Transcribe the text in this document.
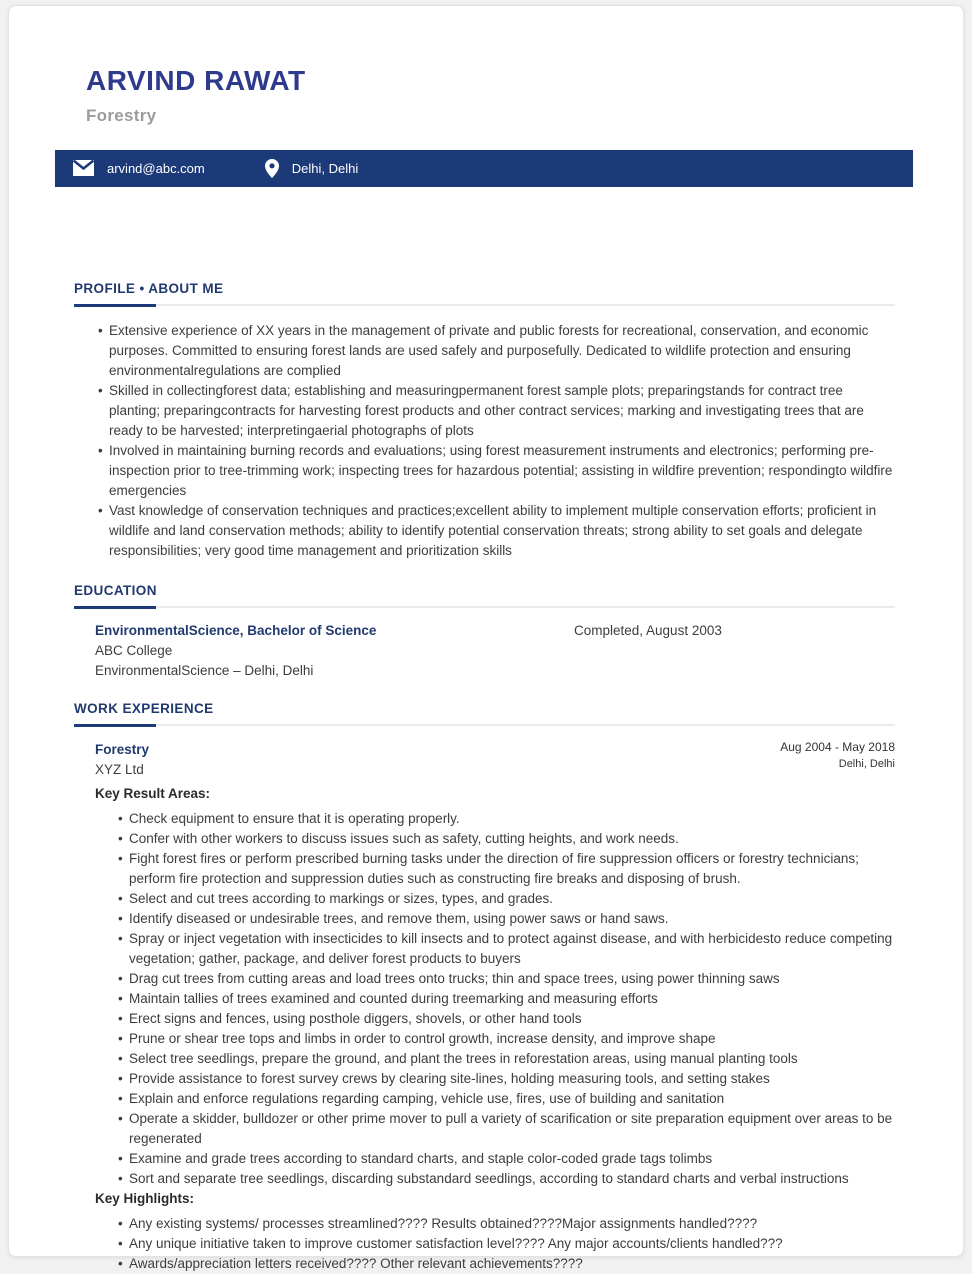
ARVIND RAWAT
Forestry
arvind@abc.com	Delhi, Delhi
PROFILE • ABOUT ME
• Extensive experience of XX years in the management of private and public forests for recreational, conservation, and economic purposes. Committed to ensuring forest lands are used safely and purposefully. Dedicated to wildlife protection and ensuring environmentalregulations are complied
• Skilled in collectingforest data; establishing and measuringpermanent forest sample plots; preparingstands for contract tree planting; preparingcontracts for harvesting forest products and other contract services; marking and investigating trees that are ready to be harvested; interpretingaerial photographs of plots
• Involved in maintaining burning records and evaluations; using forest measurement instruments and electronics; performing pre-inspection prior to tree-trimming work; inspecting trees for hazardous potential; assisting in wildfire prevention; respondingto wildfire emergencies
• Vast knowledge of conservation techniques and practices;excellent ability to implement multiple conservation efforts; proficient in wildlife and land conservation methods; ability to identify potential conservation threats; strong ability to set goals and delegate responsibilities; very good time management and prioritization skills
EDUCATION
EnvironmentalScience, Bachelor of Science
ABC College
EnvironmentalScience – Delhi, Delhi
Completed, August 2003
WORK EXPERIENCE
Forestry
XYZ Ltd
Aug 2004 - May 2018
Delhi, Delhi
Key Result Areas:
• Check equipment to ensure that it is operating properly.
• Confer with other workers to discuss issues such as safety, cutting heights, and work needs.
• Fight forest fires or perform prescribed burning tasks under the direction of fire suppression officers or forestry technicians; perform fire protection and suppression duties such as constructing fire breaks and disposing of brush.
• Select and cut trees according to markings or sizes, types, and grades.
• Identify diseased or undesirable trees, and remove them, using power saws or hand saws.
• Spray or inject vegetation with insecticides to kill insects and to protect against disease, and with herbicidesto reduce competing vegetation; gather, package, and deliver forest products to buyers
• Drag cut trees from cutting areas and load trees onto trucks; thin and space trees, using power thinning saws
• Maintain tallies of trees examined and counted during treemarking and measuring efforts
• Erect signs and fences, using posthole diggers, shovels, or other hand tools
• Prune or shear tree tops and limbs in order to control growth, increase density, and improve shape
• Select tree seedlings, prepare the ground, and plant the trees in reforestation areas, using manual planting tools
• Provide assistance to forest survey crews by clearing site-lines, holding measuring tools, and setting stakes
• Explain and enforce regulations regarding camping, vehicle use, fires, use of building and sanitation
• Operate a skidder, bulldozer or other prime mover to pull a variety of scarification or site preparation equipment over areas to be regenerated
• Examine and grade trees according to standard charts, and staple color-coded grade tags tolimbs
• Sort and separate tree seedlings, discarding substandard seedlings, according to standard charts and verbal instructions
Key Highlights:
• Any existing systems/ processes streamlined???? Results obtained????Major assignments handled????
• Any unique initiative taken to improve customer satisfaction level???? Any major accounts/clients handled???
• Awards/appreciation letters received???? Other relevant achievements????
